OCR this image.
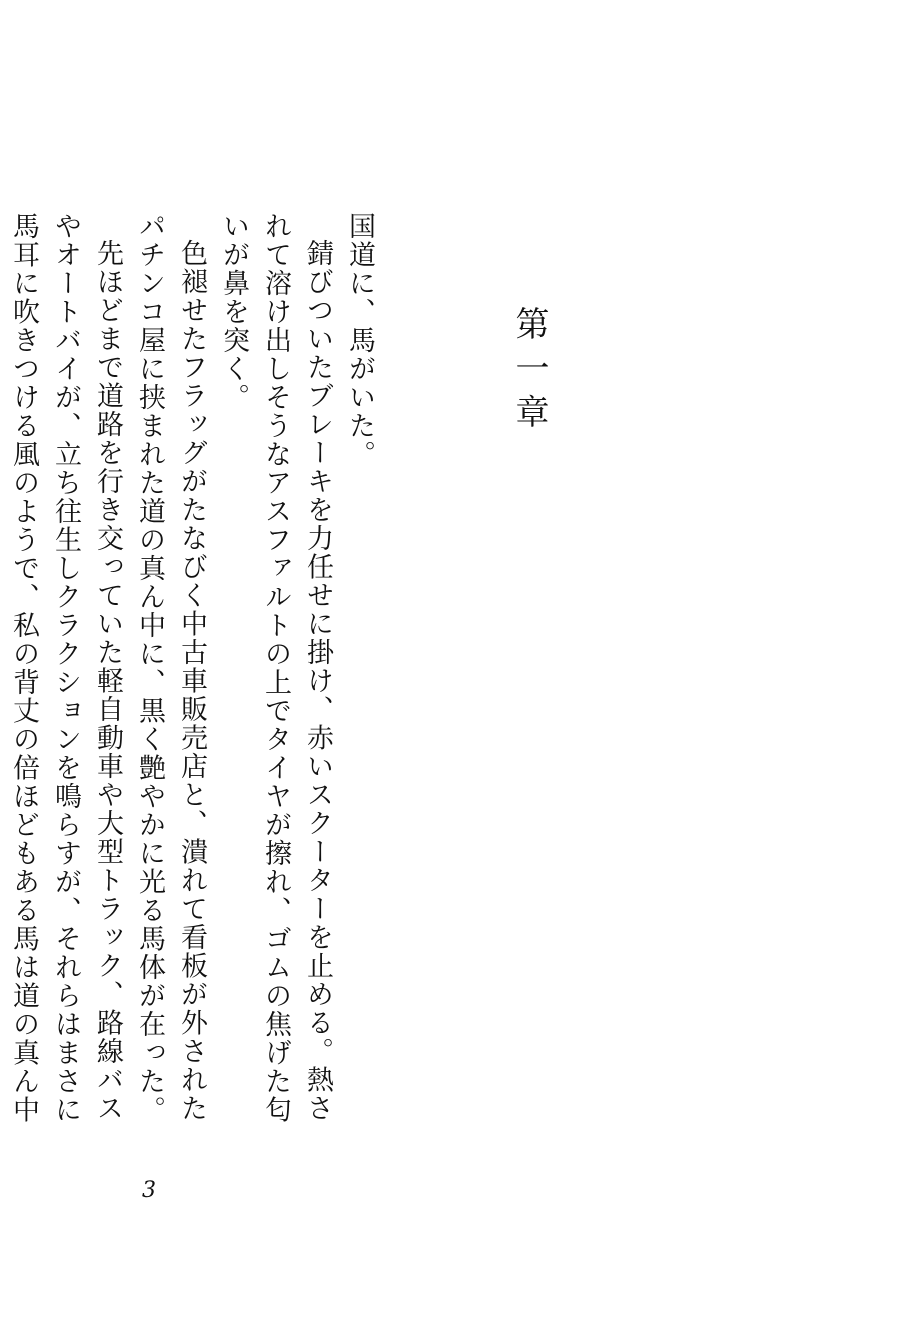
第一章

国道に、馬がいた。

錆びついたブレーキを力任せに掛け、赤いスクーターを止める。熱されて溶け出しそうなアスファルトの上でタイヤが擦れ、ゴムの焦げた匂いが鼻を突く。

色褪せたフラッグがたなびく中古車販売店と、潰れて看板が外されたパチンコ屋に挟まれた道の真ん中に、黒く艶やかに光る馬体が在った。

先ほどまで道路を行き交っていた軽自動車や大型トラック、路線バスやオートバイが、立ち往生しクラクションを鳴らすが、それらはまさに馬耳に吹きつける風のようで、私の背丈の倍ほどもある馬は道の真ん中

3
